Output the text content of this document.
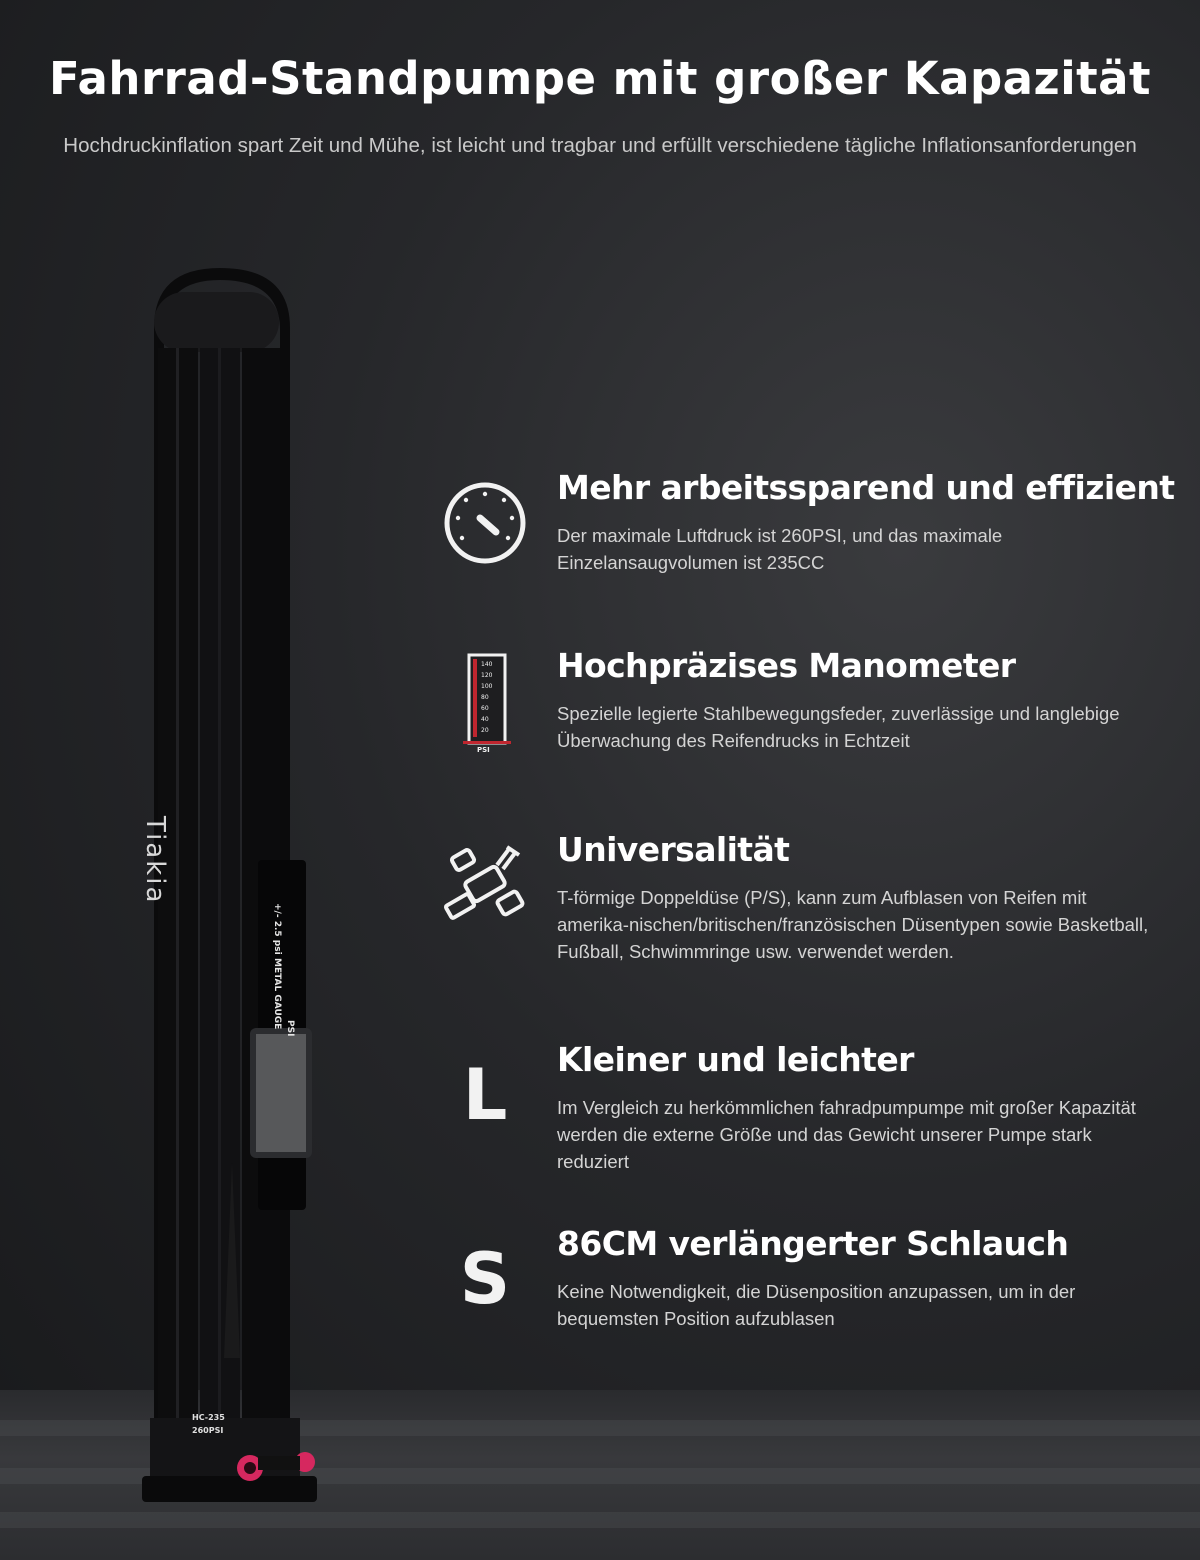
Fahrrad-Standpumpe mit großer Kapazität
Hochdruckinflation spart Zeit und Mühe, ist leicht und tragbar und erfüllt verschiedene tägliche Inflationsanforderungen
Tiakia
+/- 2.5 psi
METAL GAUGE PSI
HC-235
260PSI
Mehr arbeitssparend und effizient
Der maximale Luftdruck ist 260PSI, und das maximale Einzelansaugvolumen ist 235CC
140
120
100
80
60
40
20
PSI
Hochpräzises Manometer
Spezielle legierte Stahlbewegungsfeder, zuverlässige und langlebige Überwachung des Reifendrucks in Echtzeit
Universalität
T-förmige Doppeldüse (P/S), kann zum Aufblasen von Reifen mit amerika-nischen/britischen/französischen Düsentypen sowie Basketball, Fußball, Schwimmringe usw. verwendet werden.
L Kleiner und leichter
Im Vergleich zu herkömmlichen fahradpumpumpe mit großer Kapazität werden die externe Größe und das Gewicht unserer Pumpe stark reduziert
S 86CM verlängerter Schlauch
Keine Notwendigkeit, die Düsenposition anzupassen, um in der bequemsten Position aufzublasen
